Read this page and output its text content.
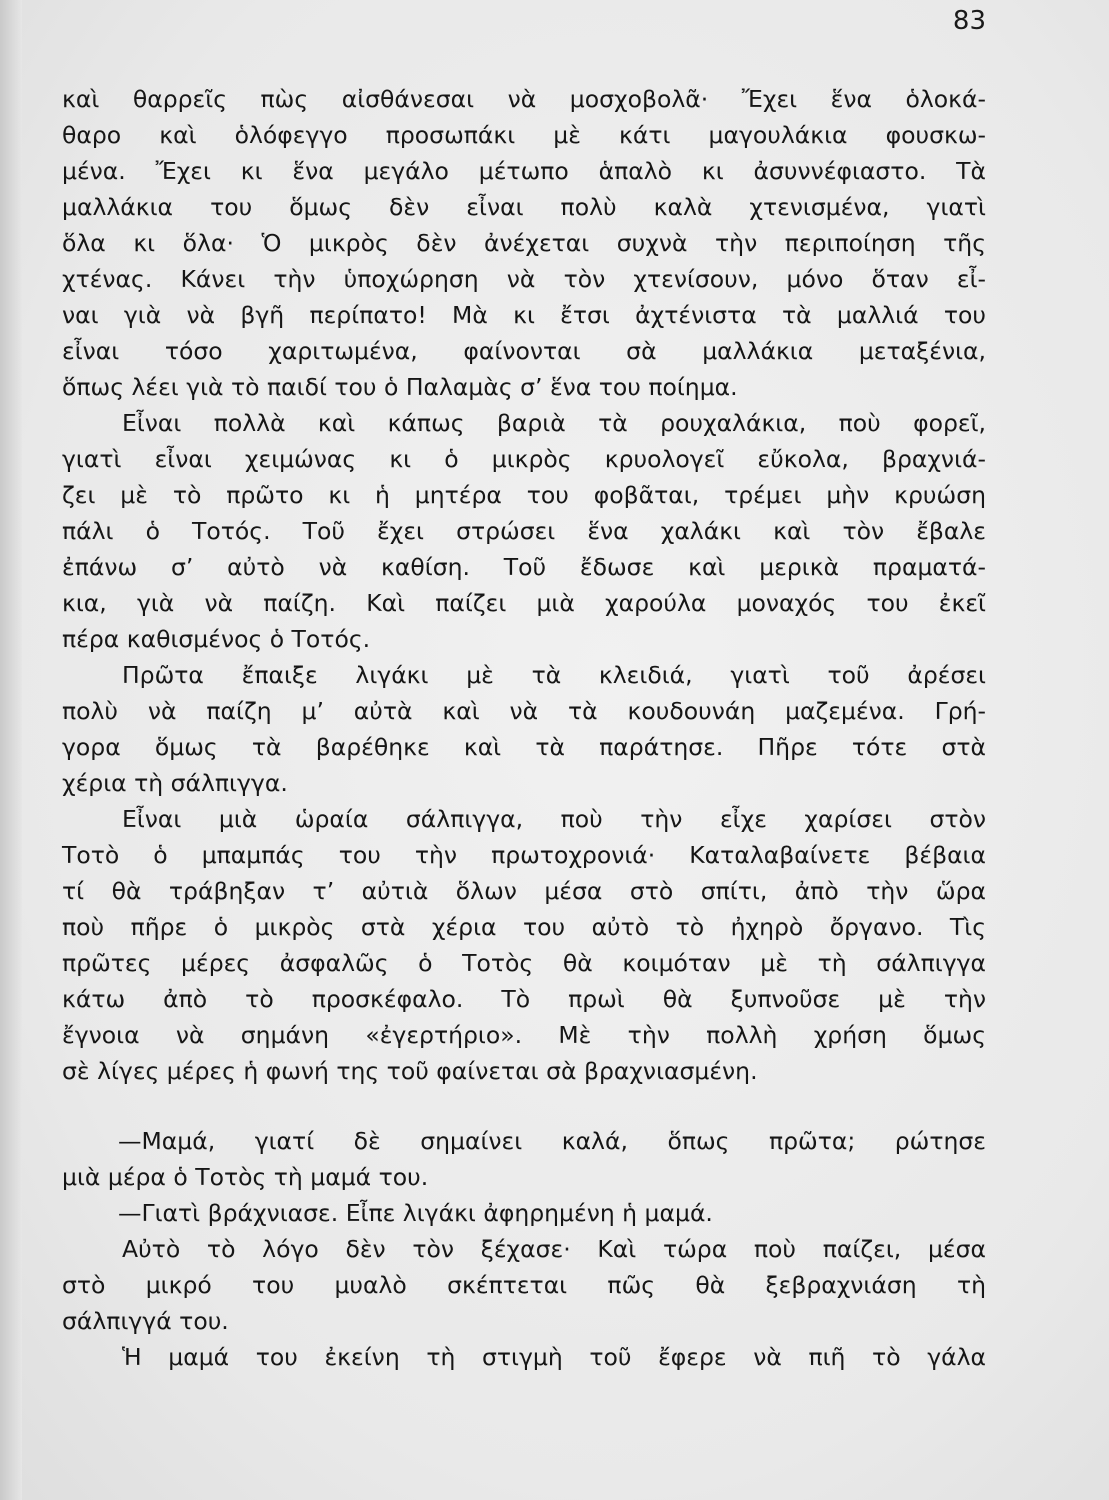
83
καὶ θαρρεῖς πὼς αἰσθάνεσαι νὰ μοσχοβολᾶ· Ἔχει ἕνα ὁλοκά-
θαρο καὶ ὁλόφεγγο προσωπάκι μὲ κάτι μαγουλάκια φουσκω-
μένα. Ἔχει κι ἕνα μεγάλο μέτωπο ἁπαλὸ κι ἀσυννέφιαστο. Τὰ
μαλλάκια του ὅμως δὲν εἶναι πολὺ καλὰ χτενισμένα, γιατὶ
ὅλα κι ὅλα· Ὁ μικρὸς δὲν ἀνέχεται συχνὰ τὴν περιποίηση τῆς
χτένας. Κάνει τὴν ὑποχώρηση νὰ τὸν χτενίσουν, μόνο ὅταν εἶ-
ναι γιὰ νὰ βγῆ περίπατο! Μὰ κι ἔτσι ἀχτένιστα τὰ μαλλιά του
εἶναι τόσο χαριτωμένα, φαίνονται σὰ μαλλάκια μεταξένια,
ὅπως λέει γιὰ τὸ παιδί του ὁ Παλαμὰς σ’ ἕνα του ποίημα.
Εἶναι πολλὰ καὶ κάπως βαριὰ τὰ ρουχαλάκια, ποὺ φορεῖ,
γιατὶ εἶναι χειμώνας κι ὁ μικρὸς κρυολογεῖ εὔκολα, βραχνιά-
ζει μὲ τὸ πρῶτο κι ἡ μητέρα του φοβᾶται, τρέμει μὴν κρυώση
πάλι ὁ Τοτός. Τοῦ ἔχει στρώσει ἕνα χαλάκι καὶ τὸν ἔβαλε
ἐπάνω σ’ αὐτὸ νὰ καθίση. Τοῦ ἔδωσε καὶ μερικὰ πραματά-
κια, γιὰ νὰ παίζη. Καὶ παίζει μιὰ χαρούλα μοναχός του ἐκεῖ
πέρα καθισμένος ὁ Τοτός.
Πρῶτα ἔπαιξε λιγάκι μὲ τὰ κλειδιά, γιατὶ τοῦ ἀρέσει
πολὺ νὰ παίζη μ’ αὐτὰ καὶ νὰ τὰ κουδουνάη μαζεμένα. Γρή-
γορα ὅμως τὰ βαρέθηκε καὶ τὰ παράτησε. Πῆρε τότε στὰ
χέρια τὴ σάλπιγγα.
Εἶναι μιὰ ὡραία σάλπιγγα, ποὺ τὴν εἶχε χαρίσει στὸν
Τοτὸ ὁ μπαμπάς του τὴν πρωτοχρονιά· Καταλαβαίνετε βέβαια
τί θὰ τράβηξαν τ’ αὐτιὰ ὅλων μέσα στὸ σπίτι, ἀπὸ τὴν ὥρα
ποὺ πῆρε ὁ μικρὸς στὰ χέρια του αὐτὸ τὸ ἠχηρὸ ὄργανο. Τὶς
πρῶτες μέρες ἀσφαλῶς ὁ Τοτὸς θὰ κοιμόταν μὲ τὴ σάλπιγγα
κάτω ἀπὸ τὸ προσκέφαλο. Τὸ πρωὶ θὰ ξυπνοῦσε μὲ τὴν
ἔγνοια νὰ σημάνη «ἐγερτήριο». Μὲ τὴν πολλὴ χρήση ὅμως
σὲ λίγες μέρες ἡ φωνή της τοῦ φαίνεται σὰ βραχνιασμένη.
—Μαμά, γιατί δὲ σημαίνει καλά, ὅπως πρῶτα; ρώτησε
μιὰ μέρα ὁ Τοτὸς τὴ μαμά του.
—Γιατὶ βράχνιασε. Εἶπε λιγάκι ἀφηρημένη ἡ μαμά.
Αὐτὸ τὸ λόγο δὲν τὸν ξέχασε· Καὶ τώρα ποὺ παίζει, μέσα
στὸ μικρό του μυαλὸ σκέπτεται πῶς θὰ ξεβραχνιάση τὴ
σάλπιγγά του.
Ἡ μαμά του ἐκείνη τὴ στιγμὴ τοῦ ἔφερε νὰ πιῆ τὸ γάλα
